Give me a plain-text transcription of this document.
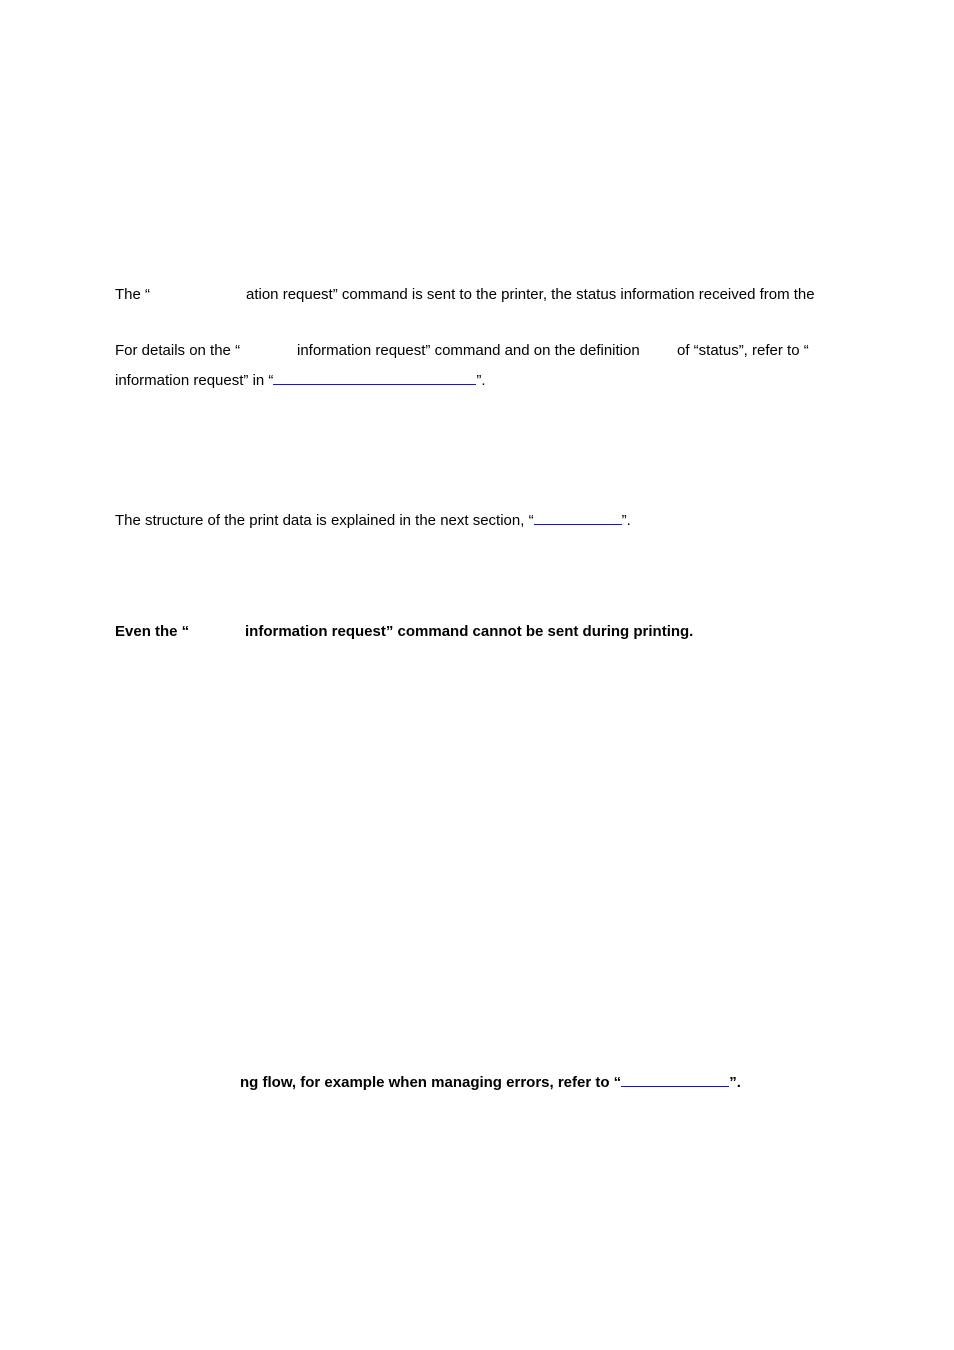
The “	ation request” command is sent to the printer, the status information received from the
For details on the “	information request” command and on the definition of “status”, refer to “
information request” in “	”.
The structure of the print data is explained in the next section, “	”.
Even the “	information request” command cannot be sent during printing.
ng flow, for example when managing errors, refer to “	”.
